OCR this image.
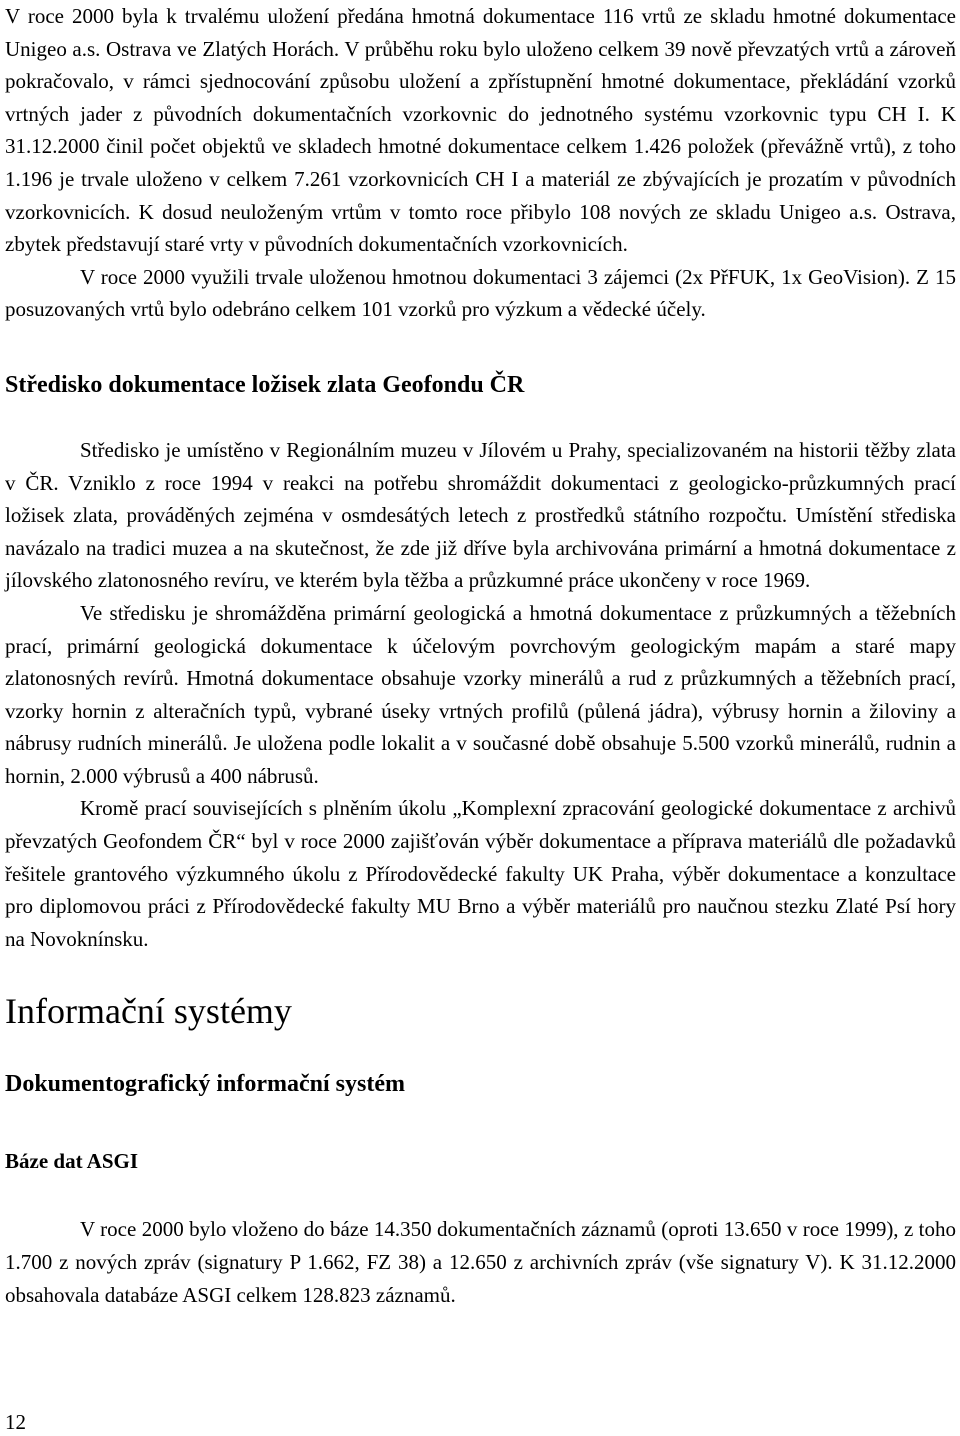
V roce 2000 byla k trvalému uložení předána hmotná dokumentace 116 vrtů ze skladu hmotné dokumentace Unigeo a.s. Ostrava ve Zlatých Horách. V průběhu roku bylo uloženo celkem 39 nově převzatých vrtů a zároveň pokračovalo, v rámci sjednocování způsobu uložení a zpřístupnění hmotné dokumentace, překládání vzorků vrtných jader z původních dokumentačních vzorkovnic do jednotného systému vzorkovnic typu CH I. K 31.12.2000 činil počet objektů ve skladech hmotné dokumentace celkem 1.426 položek (převážně vrtů), z toho 1.196 je trvale uloženo v celkem 7.261 vzorkovnicích CH I a materiál ze zbývajících je prozatím v původních vzorkovnicích. K dosud neuloženým vrtům v tomto roce přibylo 108 nových ze skladu Unigeo a.s. Ostrava, zbytek představují staré vrty v původních dokumentačních vzorkovnicích.

V roce 2000 využili trvale uloženou hmotnou dokumentaci 3 zájemci (2x PřFUK, 1x GeoVision). Z 15 posuzovaných vrtů bylo odebráno celkem 101 vzorků pro výzkum a vědecké účely.

Středisko dokumentace ložisek zlata Geofondu ČR

Středisko je umístěno v Regionálním muzeu v Jílovém u Prahy, specializovaném na historii těžby zlata v ČR. Vzniklo z roce 1994 v reakci na potřebu shromáždit dokumentaci z geologicko-průzkumných prací ložisek zlata, prováděných zejména v osmdesátých letech z prostředků státního rozpočtu. Umístění střediska navázalo na tradici muzea a na skutečnost, že zde již dříve byla archivována primární a hmotná dokumentace z jílovského zlatonosného revíru, ve kterém byla těžba a průzkumné práce ukončeny v roce 1969.

Ve středisku je shromážděna primární geologická a hmotná dokumentace z průzkumných a těžebních prací, primární geologická dokumentace k účelovým povrchovým geologickým mapám a staré mapy zlatonosných revírů. Hmotná dokumentace obsahuje vzorky minerálů a rud z průzkumných a těžebních prací, vzorky hornin z alteračních typů, vybrané úseky vrtných profilů (půlená jádra), výbrusy hornin a žiloviny a nábrusy rudních minerálů. Je uložena podle lokalit a v současné době obsahuje 5.500 vzorků minerálů, rudnin a hornin, 2.000 výbrusů a 400 nábrusů.

Kromě prací souvisejících s plněním úkolu „Komplexní zpracování geologické dokumentace z archivů převzatých Geofondem ČR“ byl v roce 2000 zajišťován výběr dokumentace a příprava materiálů dle požadavků řešitele grantového výzkumného úkolu z Přírodovědecké fakulty UK Praha, výběr dokumentace a konzultace pro diplomovou práci z Přírodovědecké fakulty MU Brno a výběr materiálů pro naučnou stezku Zlaté Psí hory na Novoknínsku.

Informační systémy
Dokumentografický informační systém
Báze dat ASGI

V roce 2000 bylo vloženo do báze 14.350 dokumentačních záznamů (oproti 13.650 v roce 1999), z toho 1.700 z nových zpráv (signatury P 1.662, FZ 38) a 12.650 z archivních zpráv (vše signatury V). K 31.12.2000 obsahovala databáze ASGI celkem 128.823 záznamů.

12
